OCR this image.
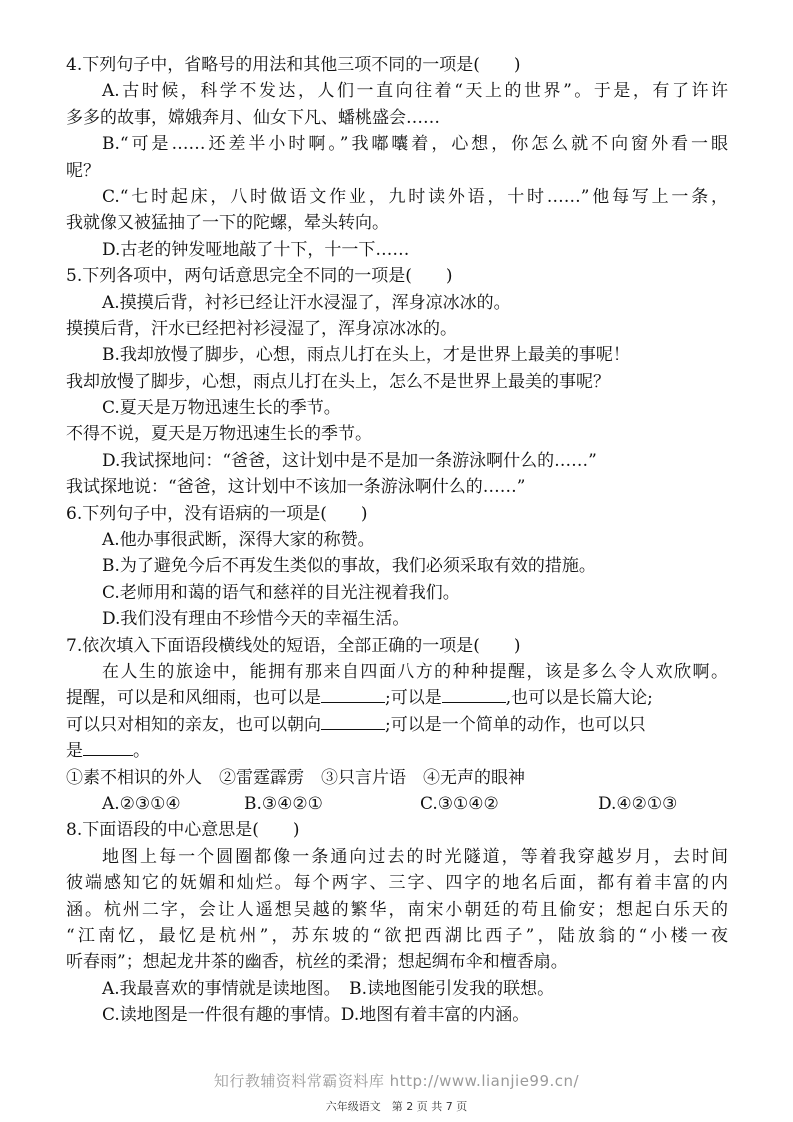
4.下列句子中，省略号的用法和其他三项不同的一项是(　　)
A.古时候，科学不发达，人们一直向往着“天上的世界”。于是，有了许许
多多的故事，嫦娥奔月、仙女下凡、蟠桃盛会……
B.“可是……还差半小时啊。”我嘟囔着，心想，你怎么就不向窗外看一眼
呢？
C.“七时起床，八时做语文作业，九时读外语，十时……”他每写上一条，
我就像又被猛抽了一下的陀螺，晕头转向。
D.古老的钟发哑地敲了十下，十一下……
5.下列各项中，两句话意思完全不同的一项是(　　)
A.摸摸后背，衬衫已经让汗水浸湿了，浑身凉冰冰的。
摸摸后背，汗水已经把衬衫浸湿了，浑身凉冰冰的。
B.我却放慢了脚步，心想，雨点儿打在头上，才是世界上最美的事呢！
我却放慢了脚步，心想，雨点儿打在头上，怎么不是世界上最美的事呢？
C.夏天是万物迅速生长的季节。
不得不说，夏天是万物迅速生长的季节。
D.我试探地问：“爸爸，这计划中是不是加一条游泳啊什么的……”
我试探地说：“爸爸，这计划中不该加一条游泳啊什么的……”
6.下列句子中，没有语病的一项是(　　)
A.他办事很武断，深得大家的称赞。
B.为了避免今后不再发生类似的事故，我们必须采取有效的措施。
C.老师用和蔼的语气和慈祥的目光注视着我们。
D.我们没有理由不珍惜今天的幸福生活。
7.依次填入下面语段横线处的短语，全部正确的一项是(　　)
在人生的旅途中，能拥有那来自四面八方的种种提醒，该是多么令人欢欣啊。
提醒，可以是和风细雨，也可以是	;可以是	,也可以是长篇大论;
可以只对相知的亲友，也可以朝向	;可以是一个简单的动作，也可以只
是	。
①素不相识的外人　②雷霆霹雳　③只言片语　④无声的眼神
A.②③①④	B.③④②①	C.③①④②	D.④②①③
8.下面语段的中心意思是(　　)
地图上每一个圆圈都像一条通向过去的时光隧道，等着我穿越岁月，去时间
彼端感知它的妩媚和灿烂。每个两字、三字、四字的地名后面，都有着丰富的内
涵。杭州二字，会让人遥想吴越的繁华，南宋小朝廷的苟且偷安；想起白乐天的
“江南忆，最忆是杭州”，苏东坡的“欲把西湖比西子”，陆放翁的“小楼一夜
听春雨”；想起龙井茶的幽香，杭丝的柔滑；想起绸布伞和檀香扇。
A.我最喜欢的事情就是读地图。　B.读地图能引发我的联想。
C.读地图是一件很有趣的事情。D.地图有着丰富的内涵。
知行教辅资料常霸资料库 http://www.lianjie99.cn/
六年级语文　第 2 页 共 7 页
